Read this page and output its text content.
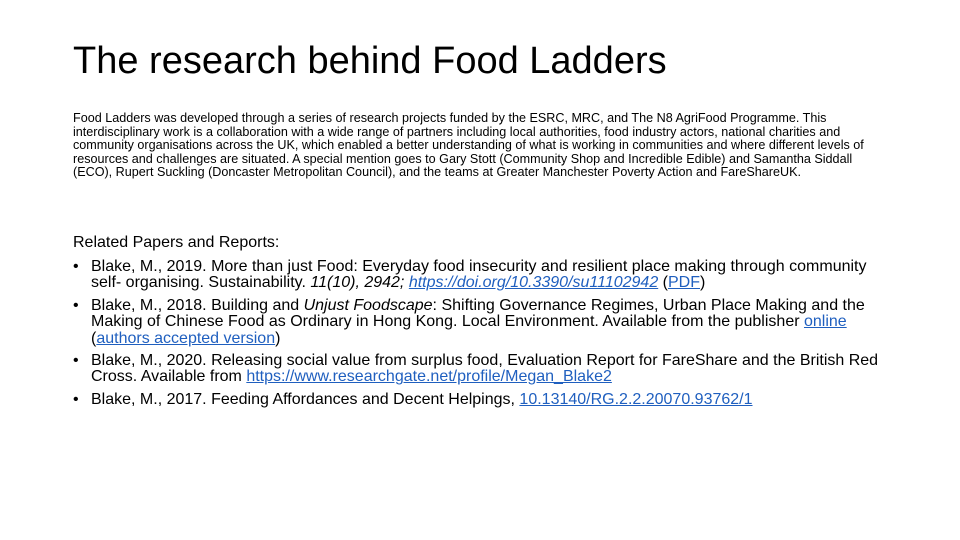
The research behind Food Ladders

Food Ladders was developed through a series of research projects funded by the ESRC, MRC, and The N8 AgriFood Programme. This interdisciplinary work is a collaboration with a wide range of partners including local authorities, food industry actors, national charities and community organisations across the UK, which enabled a better understanding of what is working in communities and where different levels of resources and challenges are situated. A special mention goes to Gary Stott (Community Shop and Incredible Edible) and Samantha Siddall (ECO), Rupert Suckling (Doncaster Metropolitan Council), and the teams at Greater Manchester Poverty Action and FareShareUK.

Related Papers and Reports:

• Blake, M., 2019. More than just Food: Everyday food insecurity and resilient place making through community self- organising. Sustainability. 11(10), 2942; https://doi.org/10.3390/su11102942 (PDF)
• Blake, M., 2018. Building and Unjust Foodscape: Shifting Governance Regimes, Urban Place Making and the Making of Chinese Food as Ordinary in Hong Kong. Local Environment. Available from the publisher online (authors accepted version)
• Blake, M., 2020. Releasing social value from surplus food, Evaluation Report for FareShare and the British Red Cross. Available from https://www.researchgate.net/profile/Megan_Blake2
• Blake, M., 2017. Feeding Affordances and Decent Helpings, 10.13140/RG.2.2.20070.93762/1
